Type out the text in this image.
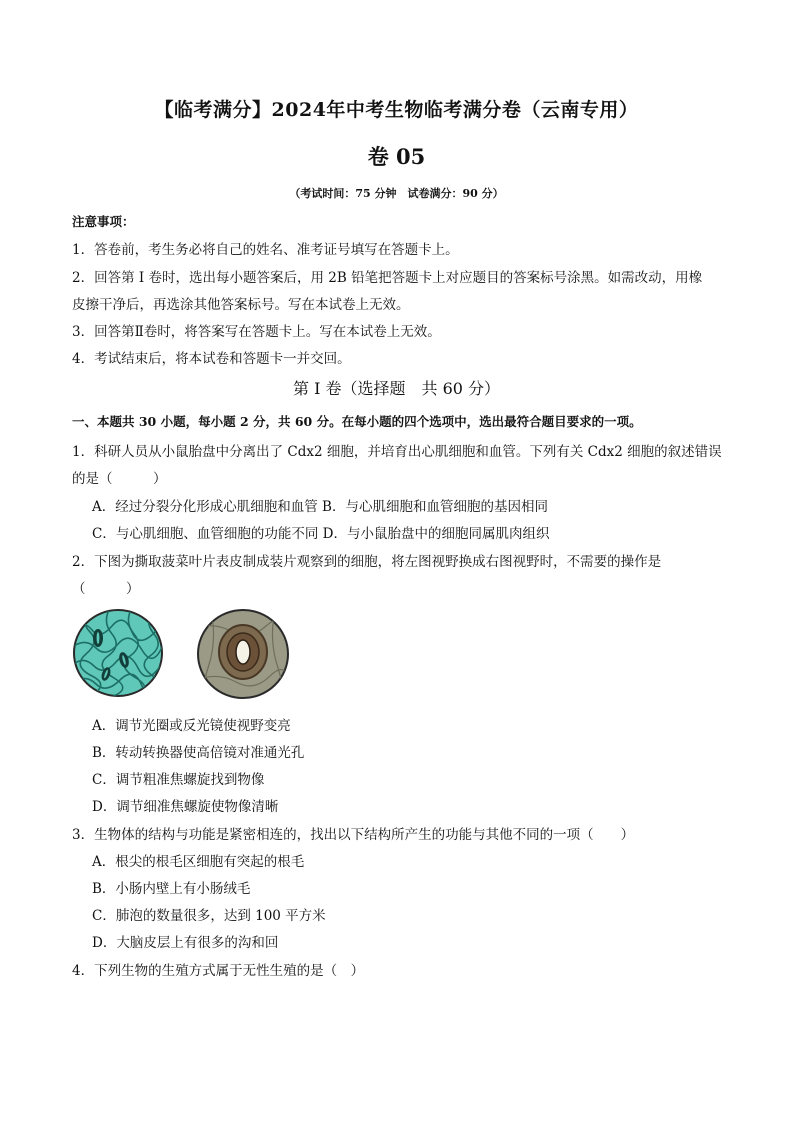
【临考满分】2024年中考生物临考满分卷（云南专用）
卷 05
（考试时间：75 分钟　试卷满分：90 分）
注意事项：
1．答卷前，考生务必将自己的姓名、准考证号填写在答题卡上。
2．回答第 I 卷时，选出每小题答案后，用 2B 铅笔把答题卡上对应题目的答案标号涂黑。如需改动，用橡
皮擦干净后，再选涂其他答案标号。写在本试卷上无效。
3．回答第Ⅱ卷时，将答案写在答题卡上。写在本试卷上无效。
4．考试结束后，将本试卷和答题卡一并交回。
第 I 卷（选择题　共 60 分）
一、本题共 30 小题，每小题 2 分，共 60 分。在每小题的四个选项中，选出最符合题目要求的一项。
1．科研人员从小鼠胎盘中分离出了 Cdx2 细胞，并培育出心肌细胞和血管。下列有关 Cdx2 细胞的叙述错误
的是（　　　）
A．经过分裂分化形成心肌细胞和血管 B．与心肌细胞和血管细胞的基因相同
C．与心肌细胞、血管细胞的功能不同 D．与小鼠胎盘中的细胞同属肌肉组织
2．下图为撕取菠菜叶片表皮制成装片观察到的细胞，将左图视野换成右图视野时，不需要的操作是
（　　　）
A．调节光圈或反光镜使视野变亮
B．转动转换器使高倍镜对准通光孔
C．调节粗准焦螺旋找到物像
D．调节细准焦螺旋使物像清晰
3．生物体的结构与功能是紧密相连的，找出以下结构所产生的功能与其他不同的一项（　　）
A．根尖的根毛区细胞有突起的根毛
B．小肠内壁上有小肠绒毛
C．肺泡的数量很多，达到 100 平方米
D．大脑皮层上有很多的沟和回
4．下列生物的生殖方式属于无性生殖的是（　）
